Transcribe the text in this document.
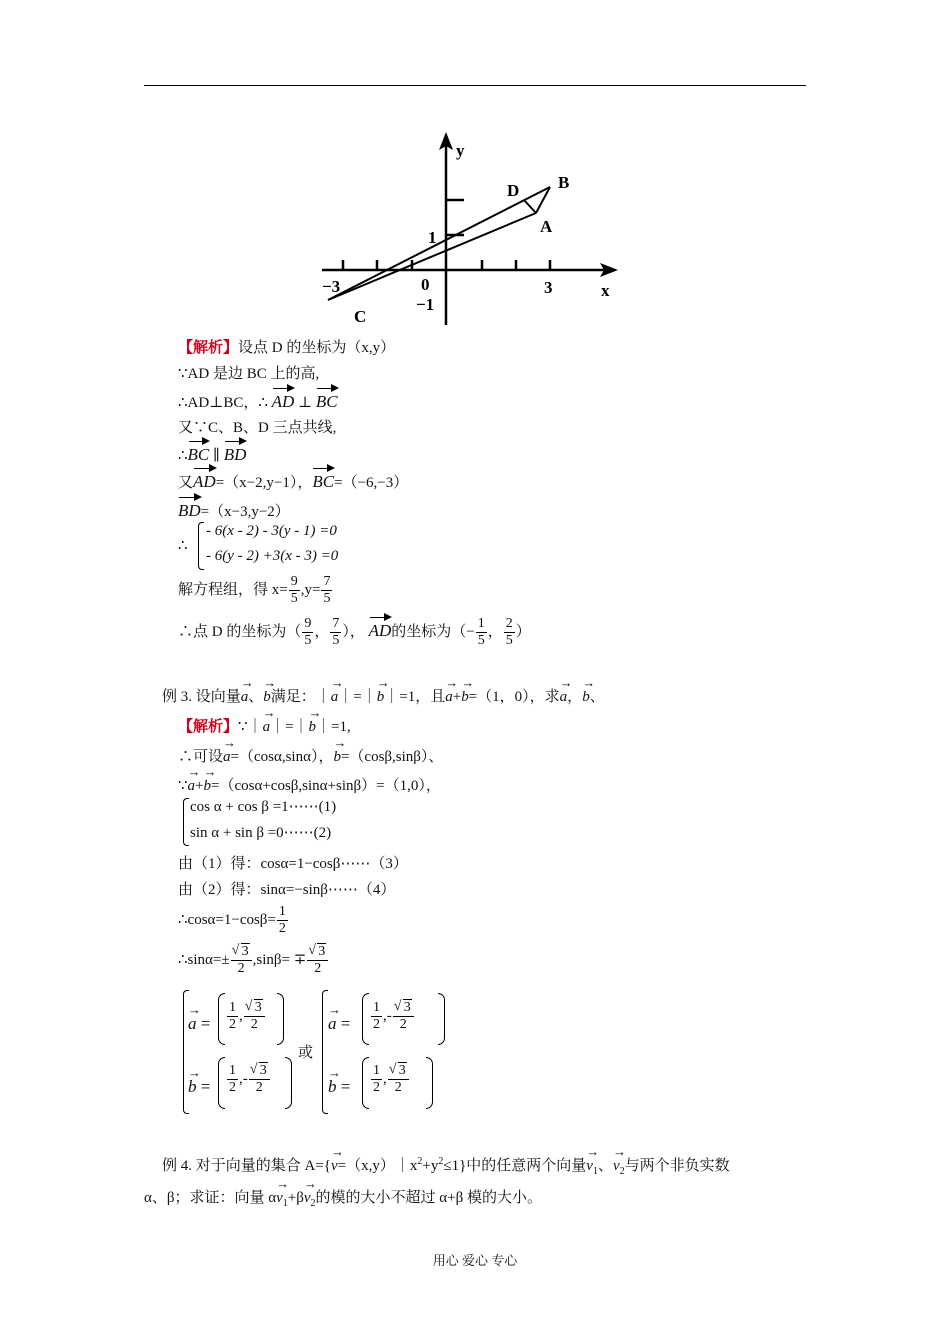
y
x
B
D
A
C
1
0
−1
−3	3
【解析】设点 D 的坐标为（x,y）
∵AD 是边 BC 上的高,
∴AD⊥BC，∴ AD ⊥ BC
又∵C、B、D 三点共线,
∴BC ∥ BD
又AD=（x−2,y−1），BC=（−6,−3）
BD=（x−3,y−2）
∴
- 6(x - 2) - 3(y - 1) =0
- 6(y - 2) +3(x - 3) =0
解方程组，得 $x= \frac{9}{5} ,y= \frac{7}{5}$
∴点 D 的坐标为（ $\frac{9}{5}$ ， $\frac{7}{5}$ ）， AD的坐标为（− $\frac{1}{5}$ ， $\frac{2}{5}$ ）
例 3. 设向量→ a、→ b满足：｜→ a｜=｜→ b｜=1，且→ a+→ b=（1，0），求→ a，→ b、
【解析】∵｜→ a｜=｜→ b｜=1,
∴可设→ a=（cosα,sinα），→ b=（cosβ,sinβ）、
∵→ a+→ b=（cosα+cosβ,sinα+sinβ）=（1,0），
cos α + cos β =1⋯⋯(1)
sin α + sin β =0⋯⋯(2)
由（1）得：cosα=1−cosβ⋯⋯（3）
由（2）得：sinα=−sinβ⋯⋯（4）
∴cosα=1−cosβ= $\frac{1}{2}$
∴sinα=± √ $\frac{3}{2} ,\sin\beta=$ ∓ √ $\frac{3}{2}$
→ $a = \frac{1}{2}$ , √ $\frac{3}{2}$
→ $b = \frac{1}{2}$ ,- √ $\frac{3}{2}$
或
→ $a = \frac{1}{2}$ ,- √ $\frac{3}{2}$
→ $b = \frac{1}{2}$ , √ $\frac{3}{2}$
例 4. 对于向量的集合 $A=\{\to v=(x,y)|x^2+y^2\le 1\}$中的任意两个向量→ $v_1$、→ $v_2$与两个非负实数
α、β；求证：向量 $\alpha\to v_1+\beta\to v_2$的模的大小不超过 α+β 模的大小。
用心 爱心 专心
